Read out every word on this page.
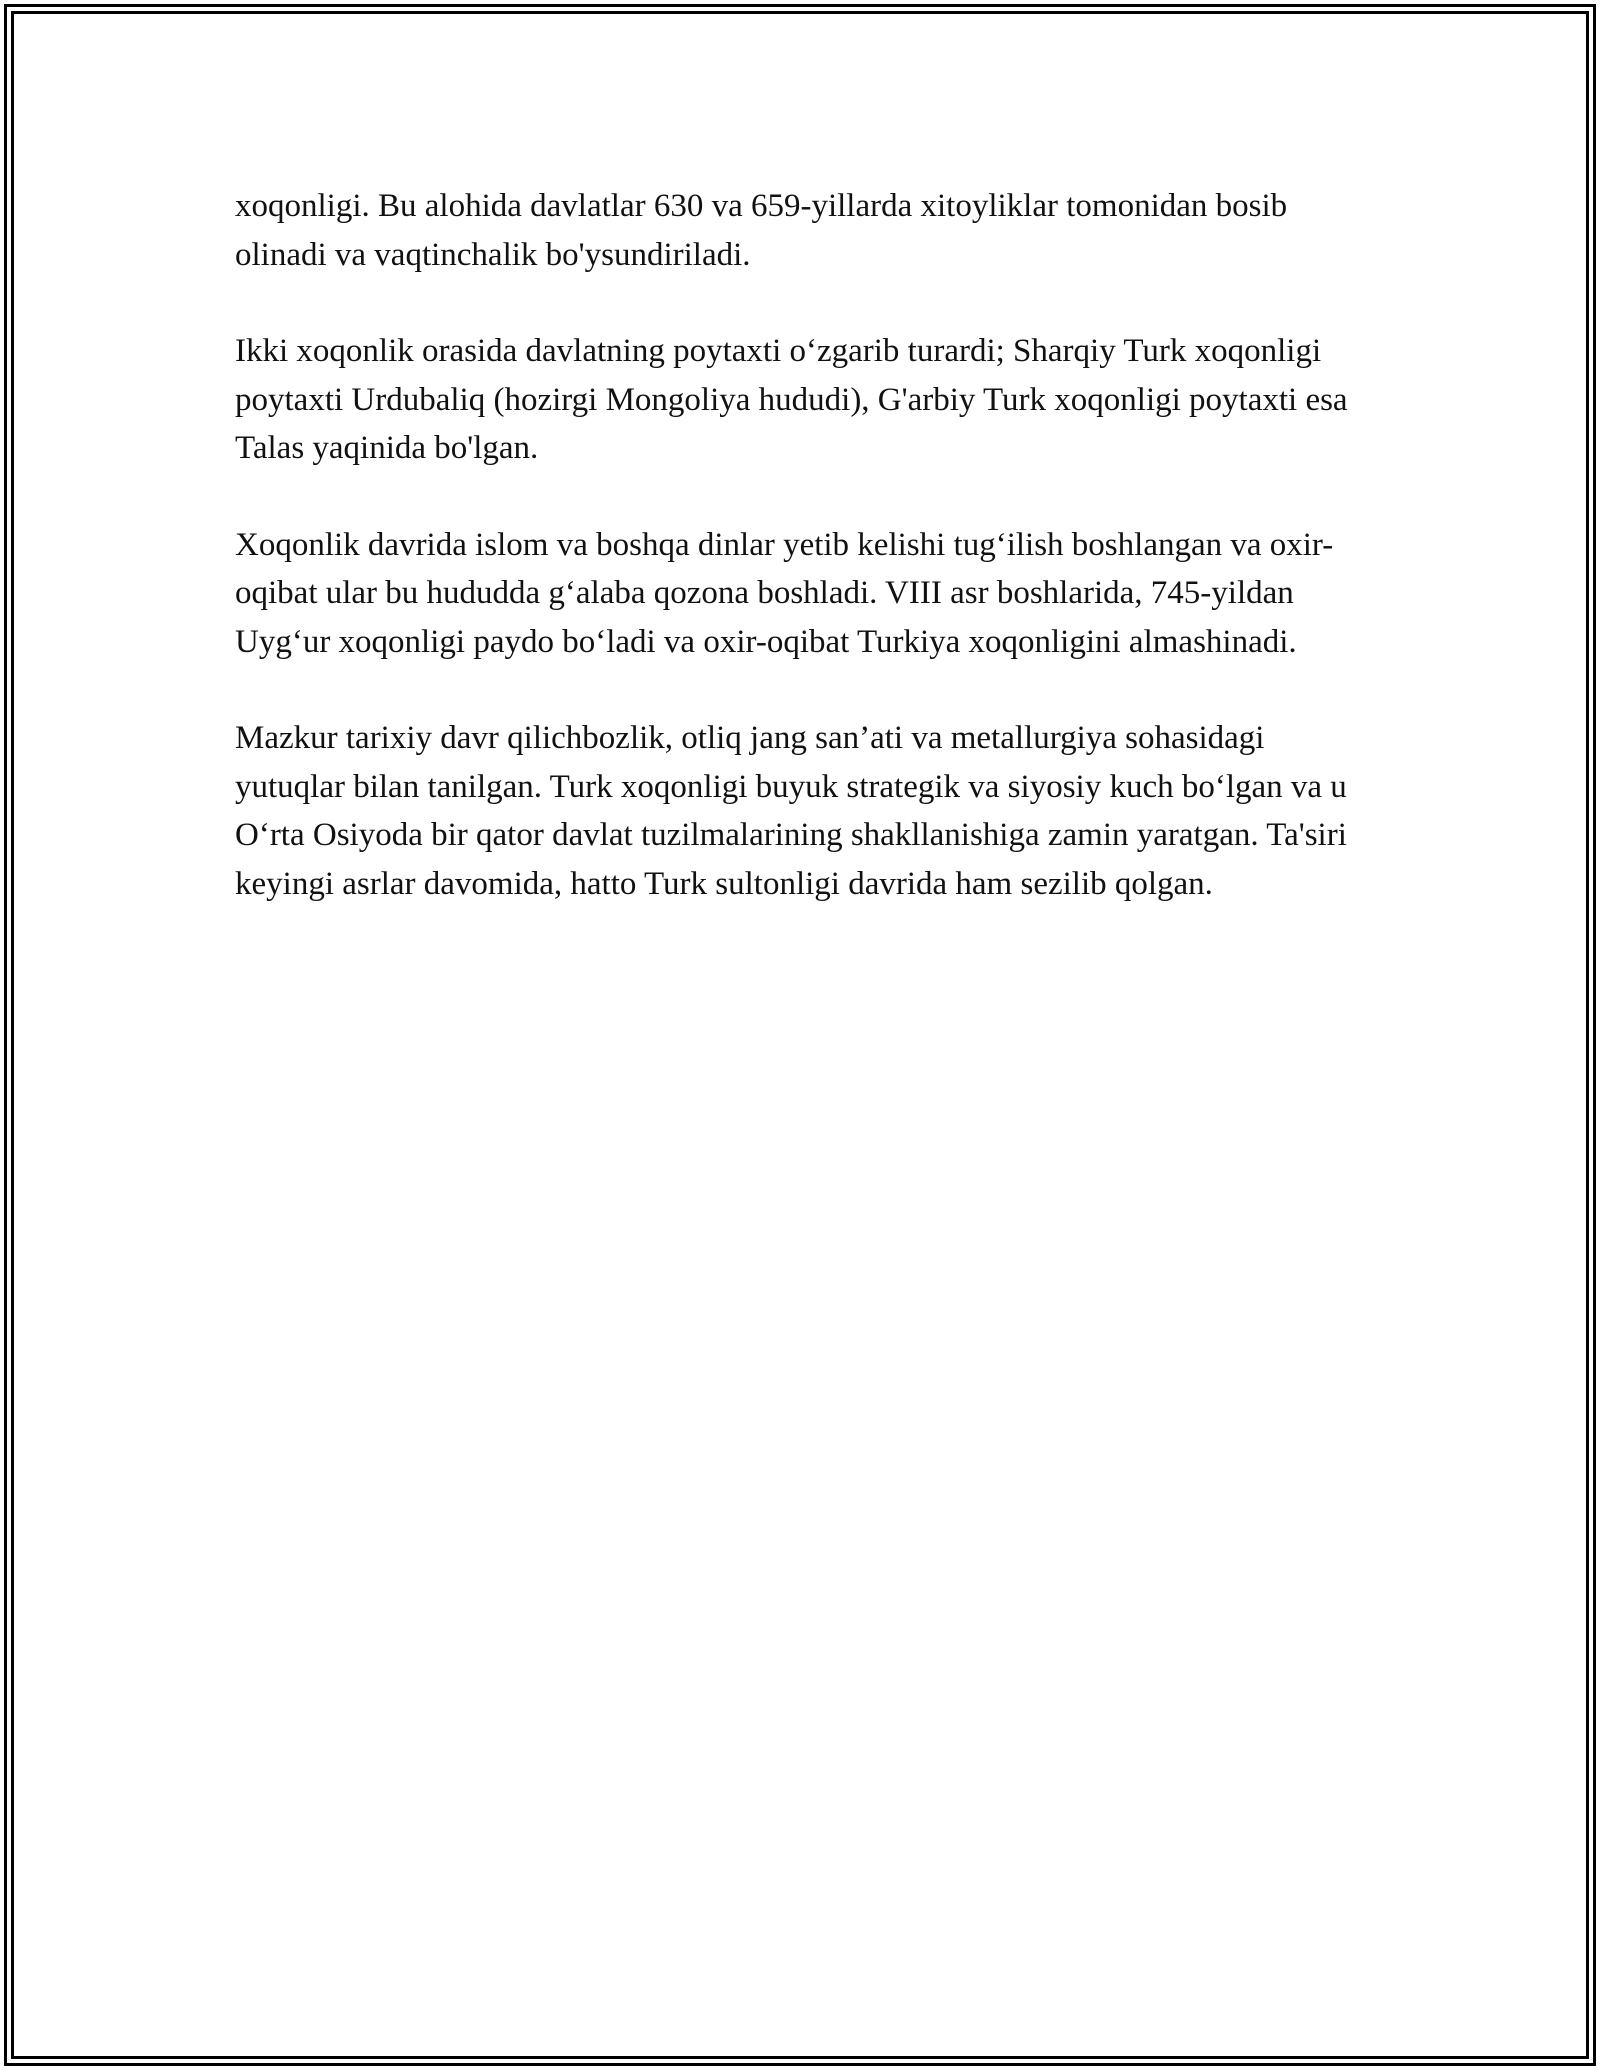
xoqonligi. Bu alohida davlatlar 630 va 659-yillarda xitoyliklar tomonidan bosib olinadi va vaqtinchalik bo'ysundiriladi.

Ikki xoqonlik orasida davlatning poytaxti o‘zgarib turardi; Sharqiy Turk xoqonligi poytaxti Urdubaliq (hozirgi Mongoliya hududi), G'arbiy Turk xoqonligi poytaxti esa Talas yaqinida bo'lgan.

Xoqonlik davrida islom va boshqa dinlar yetib kelishi tug‘ilish boshlangan va oxir-oqibat ular bu hududda g‘alaba qozona boshladi. VIII asr boshlarida, 745-yildan Uyg‘ur xoqonligi paydo bo‘ladi va oxir-oqibat Turkiya xoqonligini almashinadi.

Mazkur tarixiy davr qilichbozlik, otliq jang san’ati va metallurgiya sohasidagi yutuqlar bilan tanilgan. Turk xoqonligi buyuk strategik va siyosiy kuch bo‘lgan va u O‘rta Osiyoda bir qator davlat tuzilmalarining shakllanishiga zamin yaratgan. Ta'siri keyingi asrlar davomida, hatto Turk sultonligi davrida ham sezilib qolgan.
